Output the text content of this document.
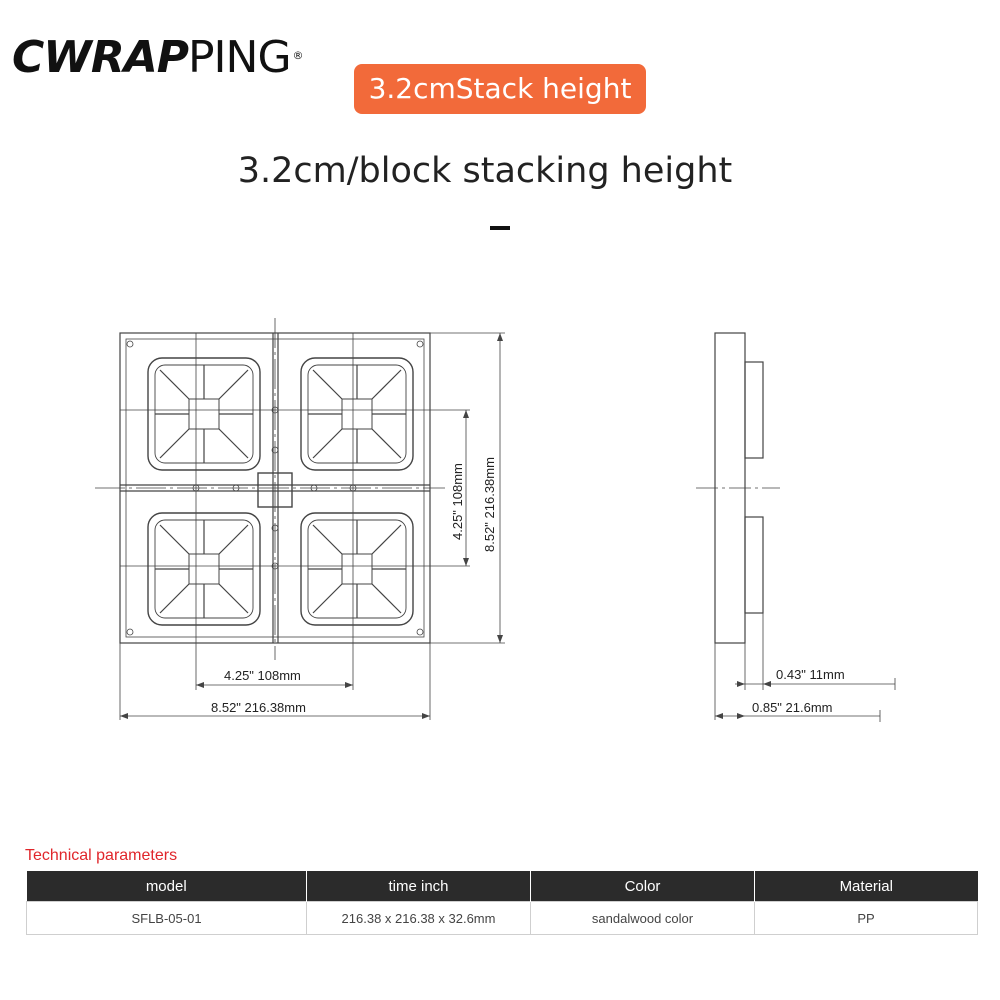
CWRAPPING ®
3.2cmStack height
3.2cm/block stacking height
4.25" 108mm
8.52" 216.38mm
4.25" 108mm 8.52" 216.38mm
0.43" 11mm
0.85" 21.6mm
Technical parameters
model	time inch	Color	Material
SFLB-05-01	216.38 x 216.38 x 32.6mm	sandalwood color	PP
